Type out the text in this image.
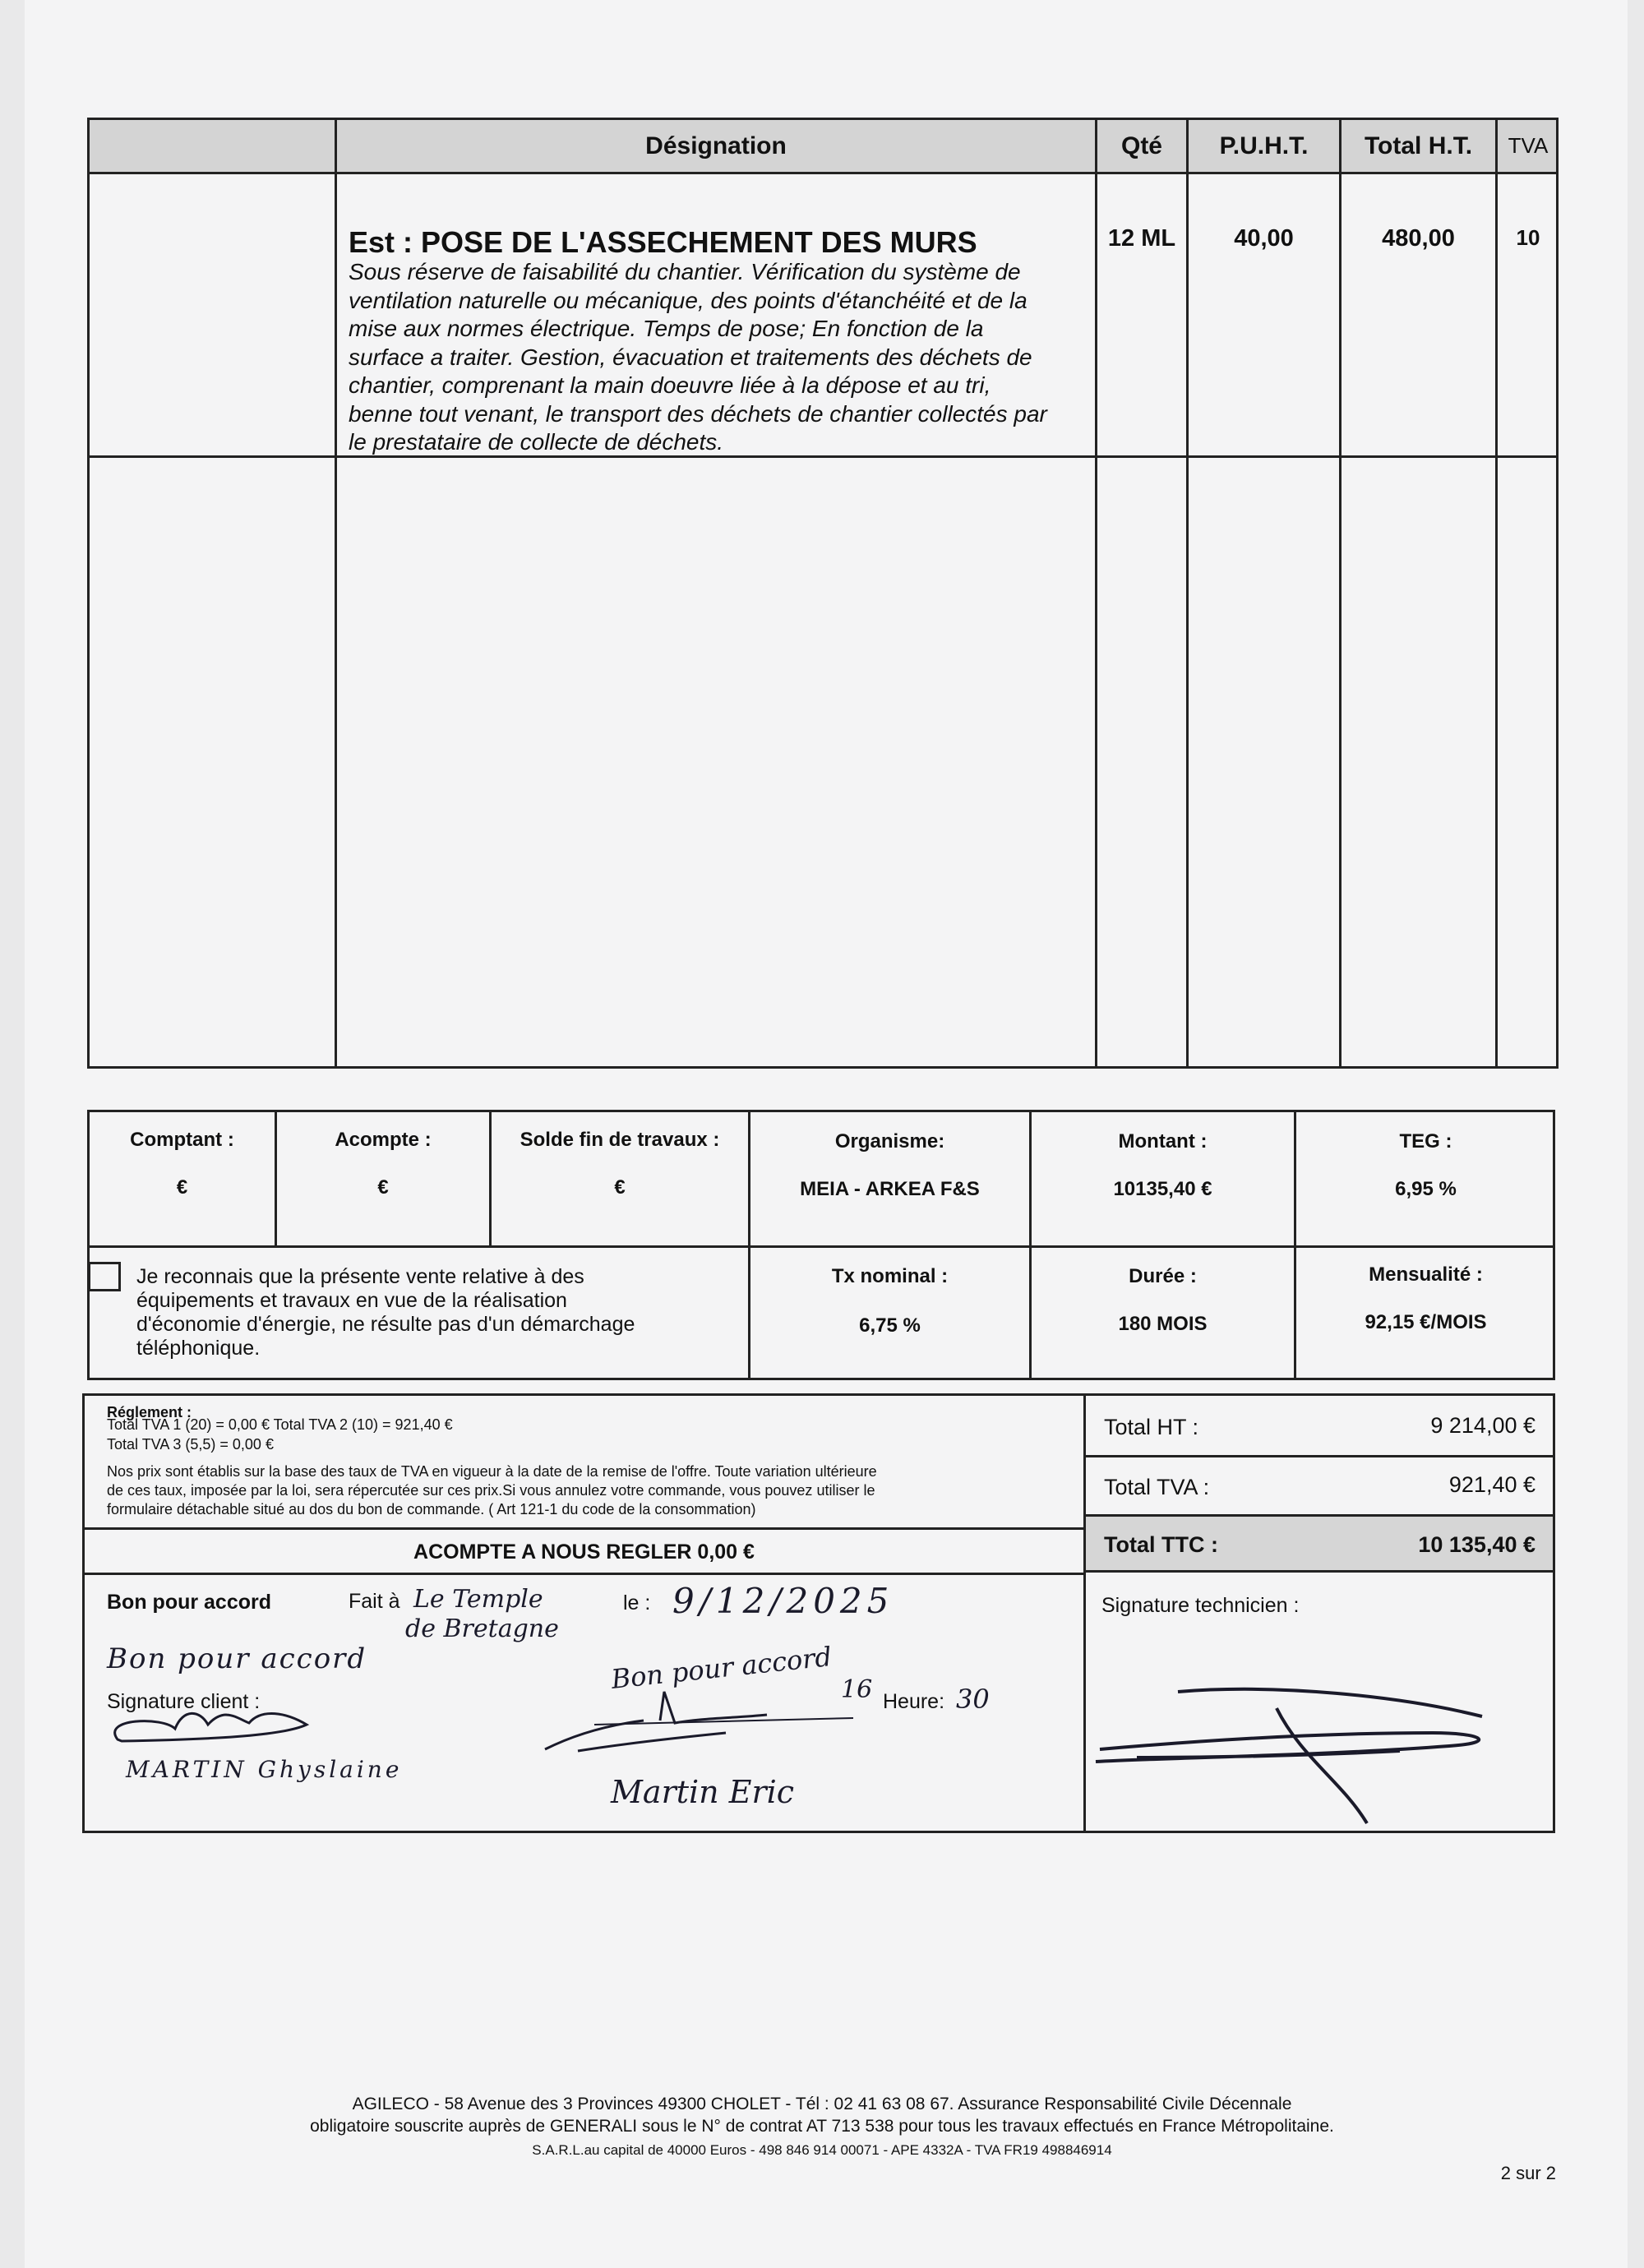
Désignation	Qté	P.U.H.T.	Total H.T.	TVA
Est : POSE DE L'ASSECHEMENT DES MURS
Sous réserve de faisabilité du chantier. Vérification du système de
ventilation naturelle ou mécanique, des points d'étanchéité et de la
mise aux normes électrique. Temps de pose; En fonction de la
surface a traiter. Gestion, évacuation et traitements des déchets de
chantier, comprenant la main doeuvre liée à la dépose et au tri,
benne tout venant, le transport des déchets de chantier collectés par
le prestataire de collecte de déchets.
12 ML	40,00	480,00	10
Comptant :
€
Acompte :
€
Solde fin de travaux :
€
Organisme:
MEIA - ARKEA F&S
Montant :
10135,40 €
TEG :
6,95 %
Je reconnais que la présente vente relative à des équipements et travaux en vue de la réalisation d'économie d'énergie, ne résulte pas d'un démarchage téléphonique.
Tx nominal :
6,75 %
Durée :
180 MOIS
Mensualité :
92,15 €/MOIS
Réglement :
Total TVA 1 (20) = 0,00 € Total TVA 2 (10) = 921,40 €
Total TVA 3 (5,5) = 0,00 €
Nos prix sont établis sur la base des taux de TVA en vigueur à la date de la remise de l'offre. Toute variation ultérieure
de ces taux, imposée par la loi, sera répercutée sur ces prix.Si vous annulez votre commande, vous pouvez utiliser le
formulaire détachable situé au dos du bon de commande. ( Art 121-1 du code de la consommation)
ACOMPTE A NOUS REGLER 0,00 €
Total HT :	9 214,00 €
Total TVA :	921,40 €
Total TTC :	10 135,40 €
Bon pour accord	Fait à	le :
Signature client :	Heure:
Signature technicien :
Le Temple
de Bretagne
9/12/2025
Bon pour accord	Bon pour accord 16	30
MARTIN Ghyslaine
Martin Eric
AGILECO - 58 Avenue des 3 Provinces 49300 CHOLET - Tél : 02 41 63 08 67. Assurance Responsabilité Civile Décennale
obligatoire souscrite auprès de GENERALI sous le N° de contrat AT 713 538 pour tous les travaux effectués en France Métropolitaine.
S.A.R.L.au capital de 40000 Euros - 498 846 914 00071 - APE 4332A - TVA FR19 498846914
2 sur 2
